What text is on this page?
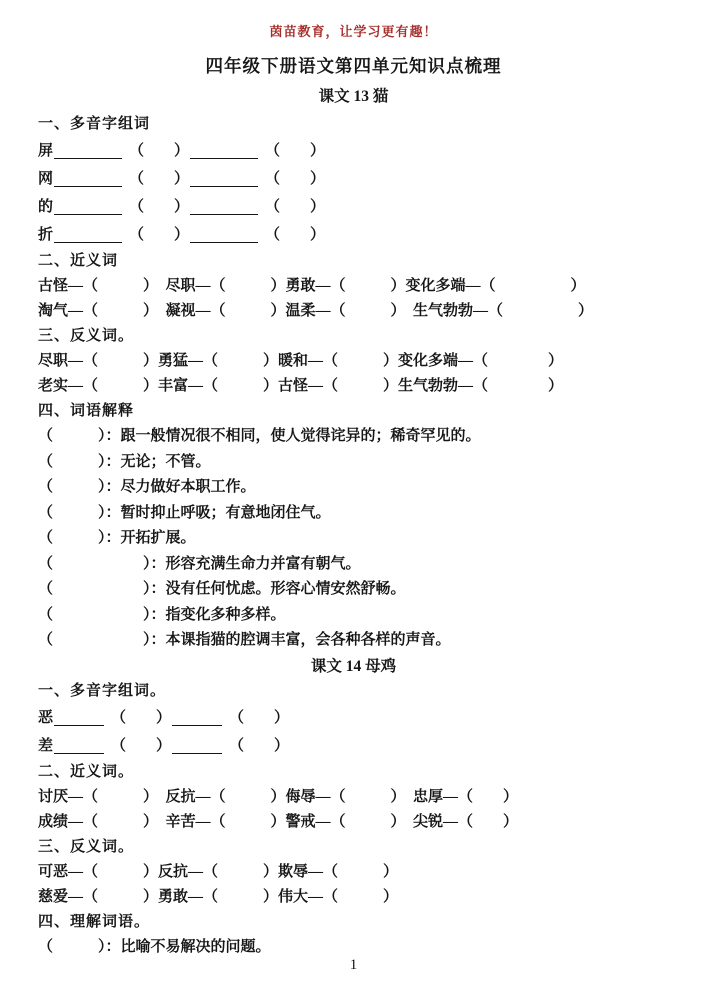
茵苗教育，让学习更有趣！
四年级下册语文第四单元知识点梳理
课文 13 猫
一、多音字组词
屏	（　　）	（　　）
网	（　　）	（　　）
的	（　　）	（　　）
折	（　　）	（　　）
二、近义词
古怪—（　　　）　尽职—（　　　）勇敢—（　　　）变化多端—（　　　　　）
淘气—（　　　）　凝视—（　　　）温柔—（　　　）　生气勃勃—（　　　　　）
三、反义词。
尽职—（　　　）勇猛—（　　　）暖和—（　　　）变化多端—（　　　　）
老实—（　　　）丰富—（　　　）古怪—（　　　）生气勃勃—（　　　　）
四、词语解释
（　　　）：跟一般情况很不相同，使人觉得诧异的；稀奇罕见的。
（　　　）：无论；不管。
（　　　）：尽力做好本职工作。
（　　　）：暂时抑止呼吸；有意地闭住气。
（　　　）：开拓扩展。
（　　　　　　）：形容充满生命力并富有朝气。
（　　　　　　）：没有任何忧虑。形容心情安然舒畅。
（　　　　　　）：指变化多种多样。
（　　　　　　）：本课指猫的腔调丰富，会各种各样的声音。
课文 14 母鸡
一、多音字组词。
恶	（　　）	（　　）
差	（　　）	（　　）
二、近义词。
讨厌—（　　　）　反抗—（　　　）侮辱—（　　　）　忠厚—（　　）
成绩—（　　　）　辛苦—（　　　）警戒—（　　　）　尖锐—（　　）
三、反义词。
可恶—（　　　）反抗—（　　　）欺辱—（　　　）
慈爱—（　　　）勇敢—（　　　）伟大—（　　　）
四、理解词语。
（　　　）：比喻不易解决的问题。
1
